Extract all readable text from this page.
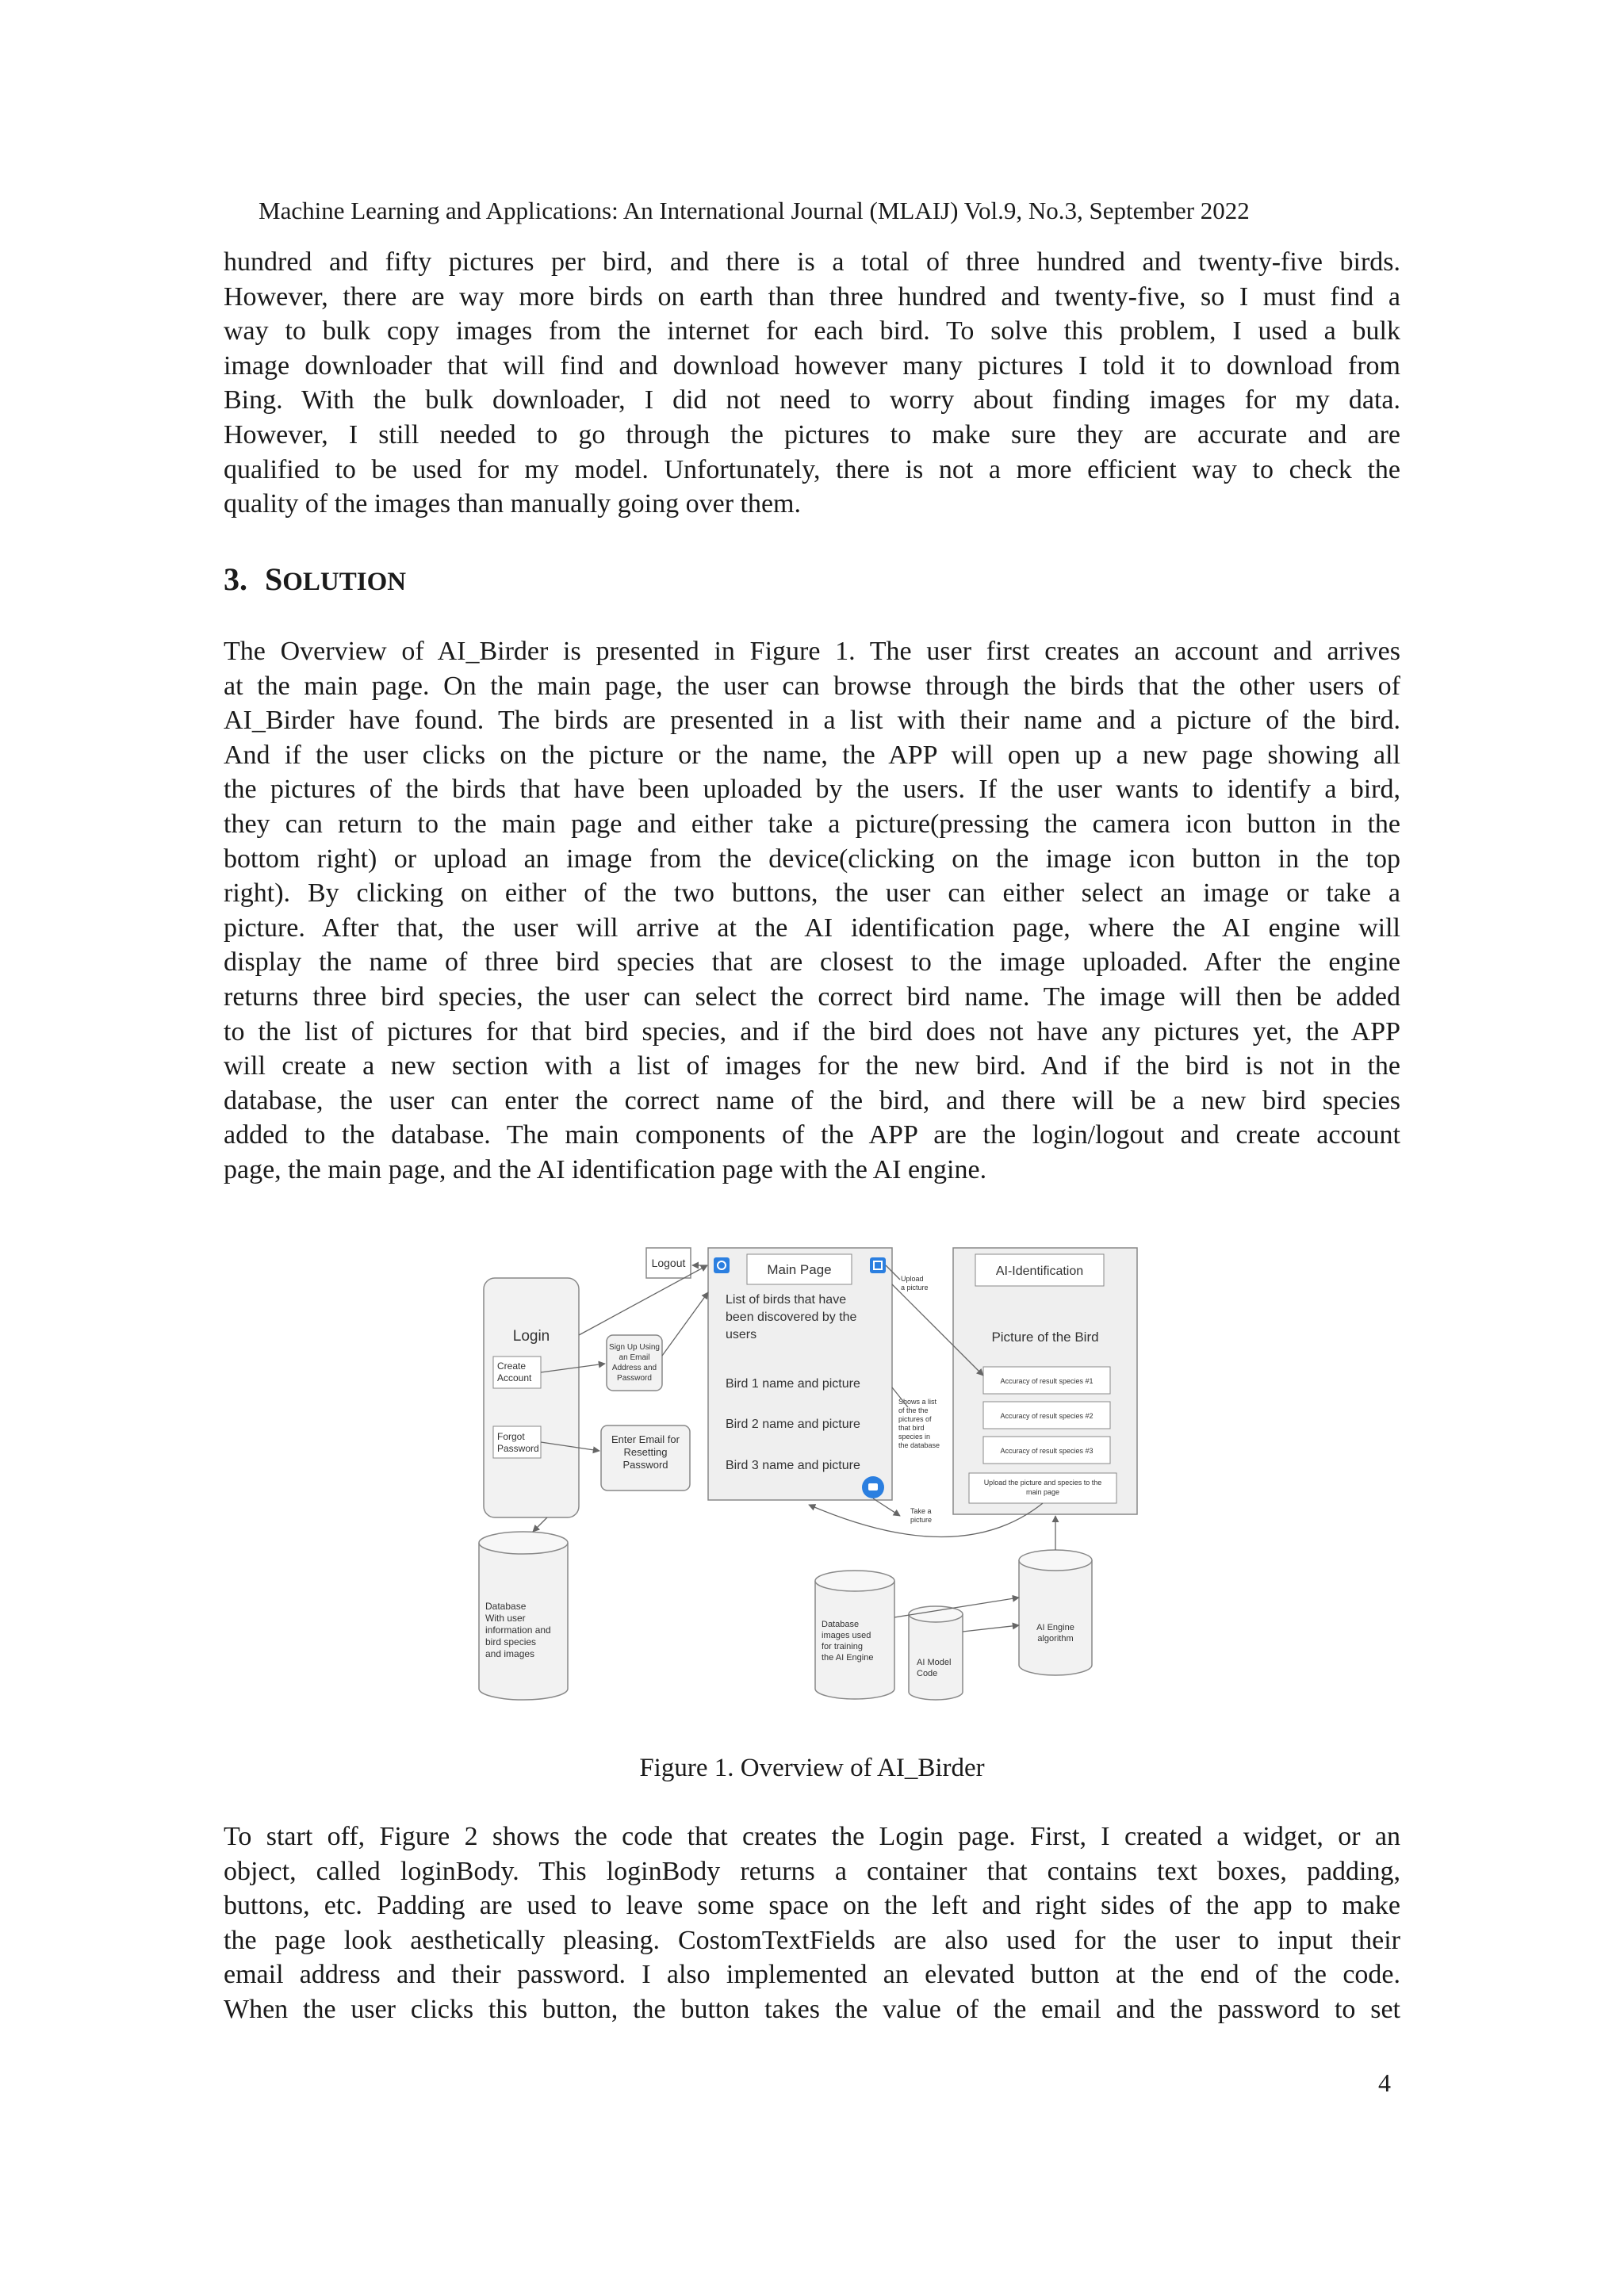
Machine Learning and Applications: An International Journal (MLAIJ) Vol.9, No.3, September 2022

hundred and fifty pictures per bird, and there is a total of three hundred and twenty-five birds.
However, there are way more birds on earth than three hundred and twenty-five, so I must find a
way to bulk copy images from the internet for each bird. To solve this problem, I used a bulk
image downloader that will find and download however many pictures I told it to download from
Bing. With the bulk downloader, I did not need to worry about finding images for my data.
However, I still needed to go through the pictures to make sure they are accurate and are
qualified to be used for my model. Unfortunately, there is not a more efficient way to check the
quality of the images than manually going over them.

3. SOLUTION

The Overview of AI_Birder is presented in Figure 1. The user first creates an account and arrives
at the main page. On the main page, the user can browse through the birds that the other users of
AI_Birder have found. The birds are presented in a list with their name and a picture of the bird.
And if the user clicks on the picture or the name, the APP will open up a new page showing all
the pictures of the birds that have been uploaded by the users. If the user wants to identify a bird,
they can return to the main page and either take a picture(pressing the camera icon button in the
bottom right) or upload an image from the device(clicking on the image icon button in the top
right). By clicking on either of the two buttons, the user can either select an image or take a
picture. After that, the user will arrive at the AI identification page, where the AI engine will
display the name of three bird species that are closest to the image uploaded. After the engine
returns three bird species, the user can select the correct bird name. The image will then be added
to the list of pictures for that bird species, and if the bird does not have any pictures yet, the APP
will create a new section with a list of images for the new bird. And if the bird is not in the
database, the user can enter the correct name of the bird, and there will be a new bird species
added to the database. The main components of the APP are the login/logout and create account
page, the main page, and the AI identification page with the AI engine.

Logout
Login
Create
Account
Forgot
Password
Sign Up Using
an Email
Address and
Password
Enter Email for
Resetting
Password
Main Page
List of birds that have
been discovered by the
users
Bird 1 name and picture
Bird 2 name and picture
Bird 3 name and picture
Upload
a picture
Shows a list
of the the
pictures of
that bird
species in
the database
Take a
picture
AI-Identification
Picture of the Bird
Accuracy of result species #1
Accuracy of result species #2
Accuracy of result species #3
Upload the picture and species to the
main page
Database
With user
information and
bird species
and images
Database
images used
for training
the AI Engine	AI Model
Code
AI Engine
algorithm

Figure 1. Overview of AI_Birder

To start off, Figure 2 shows the code that creates the Login page. First, I created a widget, or an
object, called loginBody. This loginBody returns a container that contains text boxes, padding,
buttons, etc. Padding are used to leave some space on the left and right sides of the app to make
the page look aesthetically pleasing. CostomTextFields are also used for the user to input their
email address and their password. I also implemented an elevated button at the end of the code.
When the user clicks this button, the button takes the value of the email and the password to set

4
